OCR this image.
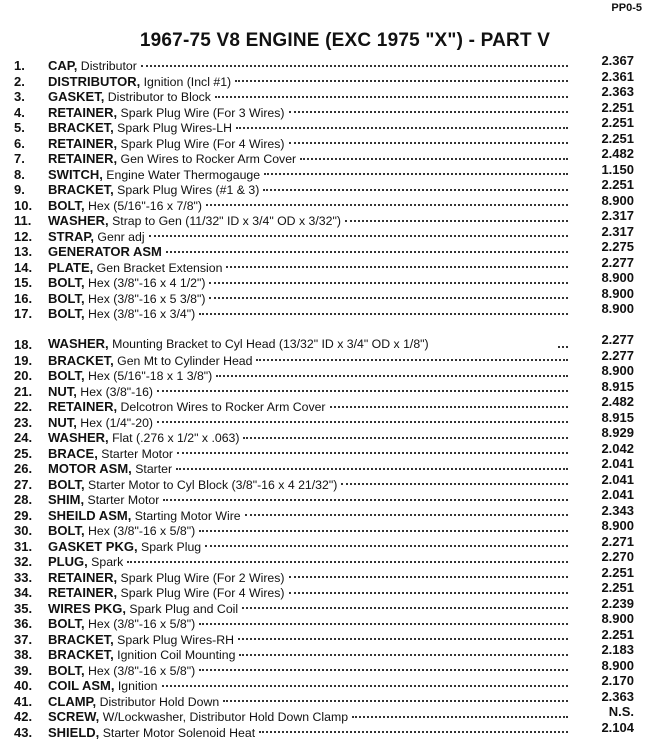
PP0-5
1967-75 V8 ENGINE (EXC 1975 "X") - PART V
1.	CAP, Distributor	2.367
2.	DISTRIBUTOR, Ignition (Incl #1)	2.361
3.	GASKET, Distributor to Block	2.363
4.	RETAINER, Spark Plug Wire (For 3 Wires)	2.251
5.	BRACKET, Spark Plug Wires-LH	2.251
6.	RETAINER, Spark Plug Wire (For 4 Wires)	2.251
7.	RETAINER, Gen Wires to Rocker Arm Cover	2.482
8.	SWITCH, Engine Water Thermogauge	1.150
9.	BRACKET, Spark Plug Wires (#1 & 3)	2.251
10.	BOLT, Hex (5/16"-16 x 7/8")	8.900
11.	WASHER, Strap to Gen (11/32" ID x 3/4" OD x 3/32")	2.317
12.	STRAP, Genr adj	2.317
13.	GENERATOR ASM	2.275
14.	PLATE, Gen Bracket Extension	2.277
15.	BOLT, Hex (3/8"-16 x 4 1/2")	8.900
16.	BOLT, Hex (3/8"-16 x 5 3/8")	8.900
17.	BOLT, Hex (3/8"-16 x 3/4")	8.900
18.	WASHER, Mounting Bracket to Cyl Head (13/32" ID x 3/4" OD x 1/8")	2.277
19.	BRACKET, Gen Mt to Cylinder Head	2.277
20.	BOLT, Hex (5/16"-18 x 1 3/8")	8.900
21.	NUT, Hex (3/8"-16)	8.915
22.	RETAINER, Delcotron Wires to Rocker Arm Cover	2.482
23.	NUT, Hex (1/4"-20)	8.915
24.	WASHER, Flat (.276 x 1/2" x .063)	8.929
25.	BRACE, Starter Motor	2.042
26.	MOTOR ASM, Starter	2.041
27.	BOLT, Starter Motor to Cyl Block (3/8"-16 x 4 21/32")	2.041
28.	SHIM, Starter Motor	2.041
29.	SHEILD ASM, Starting Motor Wire	2.343
30.	BOLT, Hex (3/8"-16 x 5/8")	8.900
31.	GASKET PKG, Spark Plug	2.271
32.	PLUG, Spark	2.270
33.	RETAINER, Spark Plug Wire (For 2 Wires)	2.251
34.	RETAINER, Spark Plug Wire (For 4 Wires)	2.251
35.	WIRES PKG, Spark Plug and Coil	2.239
36.	BOLT, Hex (3/8"-16 x 5/8")	8.900
37.	BRACKET, Spark Plug Wires-RH	2.251
38.	BRACKET, Ignition Coil Mounting	2.183
39.	BOLT, Hex (3/8"-16 x 5/8")	8.900
40.	COIL ASM, Ignition	2.170
41.	CLAMP, Distributor Hold Down	2.363
42.	SCREW, W/Lockwasher, Distributor Hold Down Clamp	N.S.
43.	SHIELD, Starter Motor Solenoid Heat	2.104
